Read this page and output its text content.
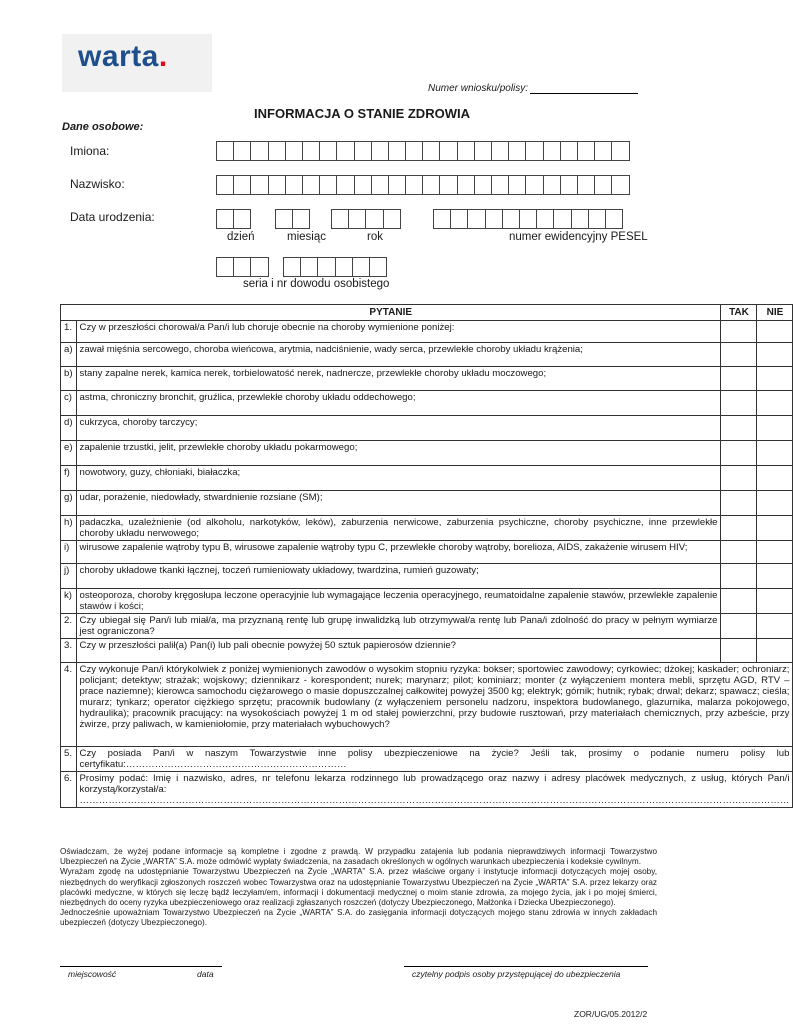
warta.
Numer wniosku/polisy:
INFORMACJA O STANIE ZDROWIA
Dane osobowe:
Imiona:
Nazwisko:
Data urodzenia:
dzień	miesiąc	rok	numer ewidencyjny PESEL
seria i nr dowodu osobistego
PYTANIE		TAK	NIE
1.	Czy w przeszłości chorował/a Pan/i lub choruje obecnie na choroby wymienione poniżej:		
a)	zawał mięśnia sercowego, choroba wieńcowa, arytmia, nadciśnienie, wady serca, przewlekłe choroby układu krążenia;		
b)	stany zapalne nerek, kamica nerek, torbielowatość nerek, nadnercze, przewlekłe choroby układu moczowego;		
c)	astma, chroniczny bronchit, gruźlica, przewlekłe choroby układu oddechowego;		
d)	cukrzyca, choroby tarczycy;		
e)	zapalenie trzustki, jelit, przewlekłe choroby układu pokarmowego;		
f)	nowotwory, guzy, chłoniaki, białaczka;		
g)	udar, porażenie, niedowłady, stwardnienie rozsiane (SM);		
h)	padaczka, uzależnienie (od alkoholu, narkotyków, leków), zaburzenia nerwicowe, zaburzenia psychiczne, choroby psychiczne, inne przewlekłe choroby układu nerwowego;		
i)	wirusowe zapalenie wątroby typu B, wirusowe zapalenie wątroby typu C, przewlekłe choroby wątroby, borelioza, AIDS, zakażenie wirusem HIV;		
j)	choroby układowe tkanki łącznej, toczeń rumieniowaty układowy, twardzina, rumień guzowaty;		
k)	osteoporoza, choroby kręgosłupa leczone operacyjnie lub wymagające leczenia operacyjnego, reumatoidalne zapalenie stawów, przewlekłe zapalenie stawów i kości;		
2.	Czy ubiegał się Pan/i lub miał/a, ma przyznaną rentę lub grupę inwalidzką lub otrzymywał/a rentę lub Pana/i zdolność do pracy w pełnym wymiarze jest ograniczona?		
3.	Czy w przeszłości palił(a) Pan(i) lub pali obecnie powyżej 50 sztuk papierosów dziennie?		
4.	Czy wykonuje Pan/i którykolwiek z poniżej wymienionych zawodów o wysokim stopniu ryzyka: bokser; sportowiec zawodowy; cyrkowiec; dżokej; kaskader; ochroniarz; policjant; detektyw; strażak; wojskowy; dziennikarz - korespondent; nurek; marynarz; pilot; kominiarz; monter (z wyłączeniem montera mebli, sprzętu AGD, RTV – prace naziemne); kierowca samochodu ciężarowego o masie dopuszczalnej całkowitej powyżej 3500 kg; elektryk; górnik; hutnik; rybak; drwal; dekarz; spawacz; cieśla; murarz; tynkarz; operator ciężkiego sprzętu; pracownik budowlany (z wyłączeniem personelu nadzoru, inspektora budowlanego, glazurnika, malarza pokojowego, hydraulika); pracownik pracujący: na wysokościach powyżej 1 m od stałej powierzchni, przy budowie rusztowań, przy materiałach chemicznych, przy azbeście, przy żwirze, przy paliwach, w kamieniołomie, przy materiałach wybuchowych?		
5.	Czy posiada Pan/i w naszym Towarzystwie inne polisy ubezpieczeniowe na życie? Jeśli tak, prosimy o podanie numeru polisy lub certyfikatu:……………………………………………………………		
6.	Prosimy podać: Imię i nazwisko, adres, nr telefonu lekarza rodzinnego lub prowadzącego oraz nazwy i adresy placówek medycznych, z usług, których Pan/i korzystą/korzystał/a: ……………………………………………………………………………………………………………………………………………………………………………………………………		

Oświadczam, że wyżej podane informacje są kompletne i zgodne z prawdą. W przypadku zatajenia lub podania nieprawdziwych informacji Towarzystwo Ubezpieczeń na Życie „WARTA” S.A. może odmówić wypłaty świadczenia, na zasadach określonych w ogólnych warunkach ubezpieczenia i kodeksie cywilnym.

Wyrażam zgodę na udostępnianie Towarzystwu Ubezpieczeń na Życie „WARTA” S.A. przez właściwe organy i instytucje informacji dotyczących mojej osoby, niezbędnych do weryfikacji zgłoszonych roszczeń wobec Towarzystwa oraz na udostępnianie Towarzystwu Ubezpieczeń na Życie „WARTA” S.A. przez lekarzy oraz placówki medyczne, w których się leczę bądź leczyłam/em, informacji i dokumentacji medycznej o moim stanie zdrowia, za mojego życia, jak i po mojej śmierci, niezbędnych do oceny ryzyka ubezpieczeniowego oraz realizacji zgłaszanych roszczeń (dotyczy Ubezpieczonego, Małżonka i Dziecka Ubezpieczonego).

Jednocześnie upoważniam Towarzystwo Ubezpieczeń na Życie „WARTA” S.A. do zasięgania informacji dotyczących mojego stanu zdrowia w innych zakładach ubezpieczeń (dotyczy Ubezpieczonego).

miejscowość	data	czytelny podpis osoby przystępującej do ubezpieczenia
ZOR/UG/05.2012/2
